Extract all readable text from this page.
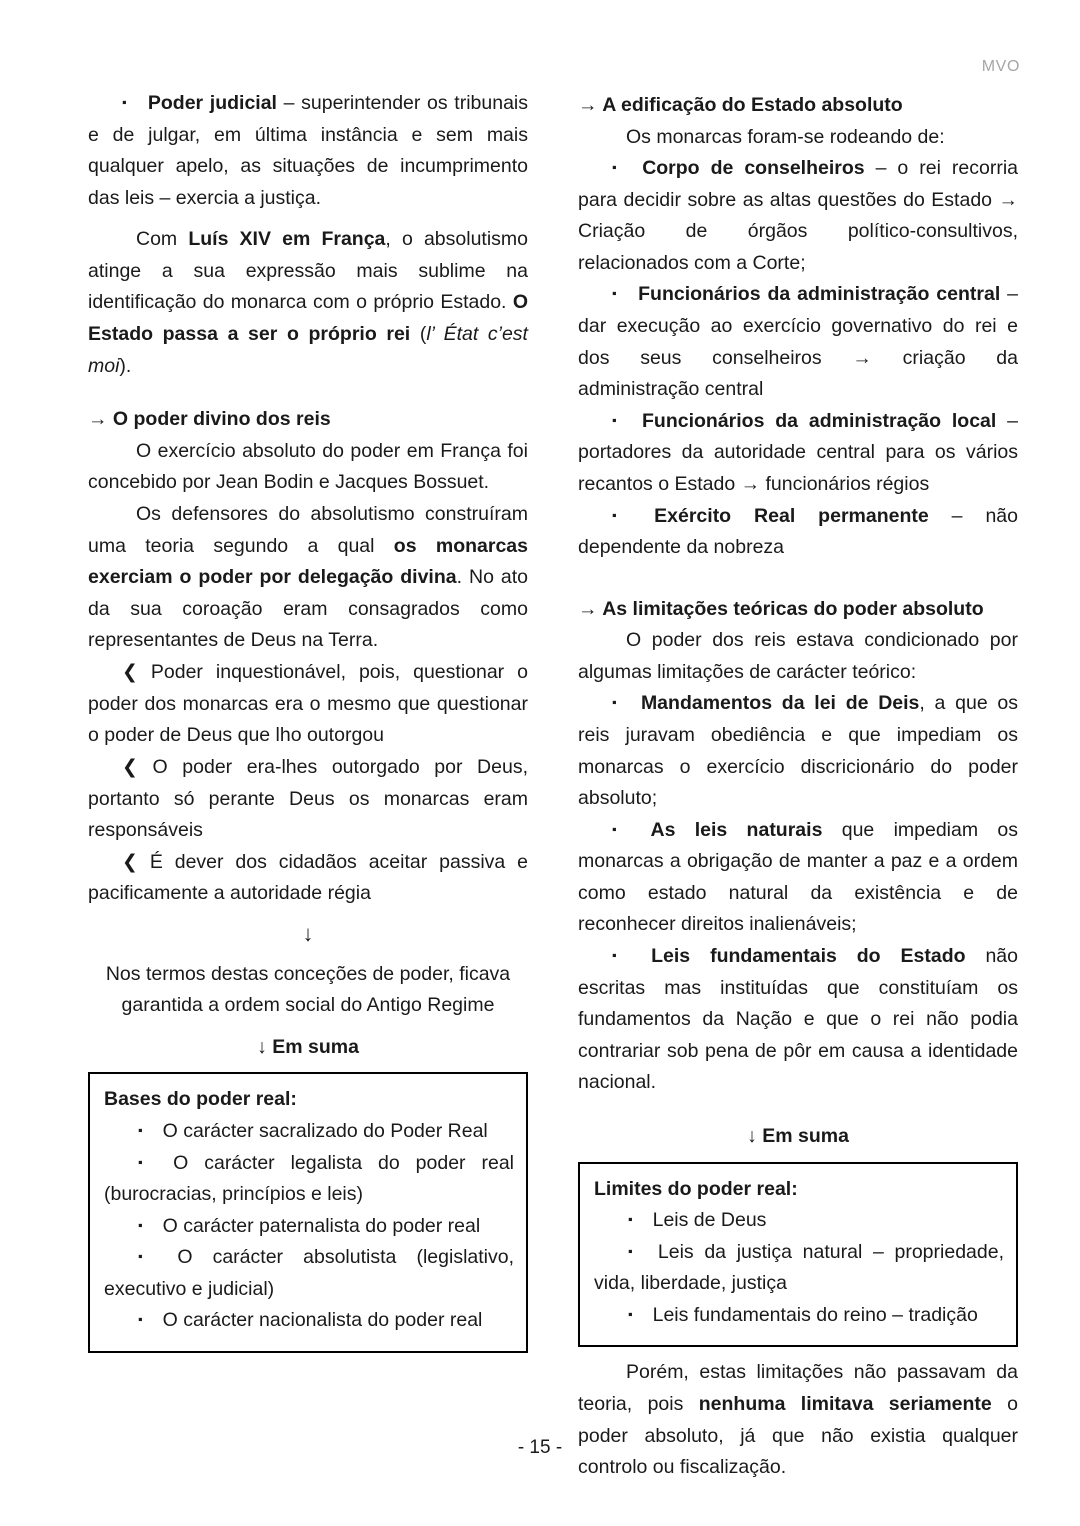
MVO

▪ Poder judicial – superintender os tribunais e de julgar, em última instância e sem mais qualquer apelo, as situações de incumprimento das leis – exercia a justiça.

Com Luís XIV em França, o absolutismo atinge a sua expressão mais sublime na identificação do monarca com o próprio Estado. O Estado passa a ser o próprio rei (l’ État c’est moi).

→ O poder divino dos reis

O exercício absoluto do poder em França foi concebido por Jean Bodin e Jacques Bossuet.

Os defensores do absolutismo construíram uma teoria segundo a qual os monarcas exerciam o poder por delegação divina. No ato da sua coroação eram consagrados como representantes de Deus na Terra.

❮ Poder inquestionável, pois, questionar o poder dos monarcas era o mesmo que questionar o poder de Deus que lho outorgou

❮ O poder era-lhes outorgado por Deus, portanto só perante Deus os monarcas eram responsáveis

❮ É dever dos cidadãos aceitar passiva e pacificamente a autoridade régia

↓

Nos termos destas conceções de poder, ficava garantida a ordem social do Antigo Regime

↓ Em suma

Bases do poder real:

▪ O carácter sacralizado do Poder Real

▪ O carácter legalista do poder real (burocracias, princípios e leis)

▪ O carácter paternalista do poder real

▪ O carácter absolutista (legislativo, executivo e judicial)

▪ O carácter nacionalista do poder real

→ A edificação do Estado absoluto

Os monarcas foram-se rodeando de:

▪ Corpo de conselheiros – o rei recorria para decidir sobre as altas questões do Estado → Criação de órgãos político-consultivos, relacionados com a Corte;

▪ Funcionários da administração central – dar execução ao exercício governativo do rei e dos seus conselheiros → criação da administração central

▪ Funcionários da administração local – portadores da autoridade central para os vários recantos o Estado → funcionários régios

▪ Exército Real permanente – não dependente da nobreza

→ As limitações teóricas do poder absoluto

O poder dos reis estava condicionado por algumas limitações de carácter teórico:

▪ Mandamentos da lei de Deis, a que os reis juravam obediência e que impediam os monarcas o exercício discricionário do poder absoluto;

▪ As leis naturais que impediam os monarcas a obrigação de manter a paz e a ordem como estado natural da existência e de reconhecer direitos inalienáveis;

▪ Leis fundamentais do Estado não escritas mas instituídas que constituíam os fundamentos da Nação e que o rei não podia contrariar sob pena de pôr em causa a identidade nacional.

↓ Em suma

Limites do poder real:

▪ Leis de Deus

▪ Leis da justiça natural – propriedade, vida, liberdade, justiça

▪ Leis fundamentais do reino – tradição

Porém, estas limitações não passavam da teoria, pois nenhuma limitava seriamente o poder absoluto, já que não existia qualquer controlo ou fiscalização.

- 15 -
